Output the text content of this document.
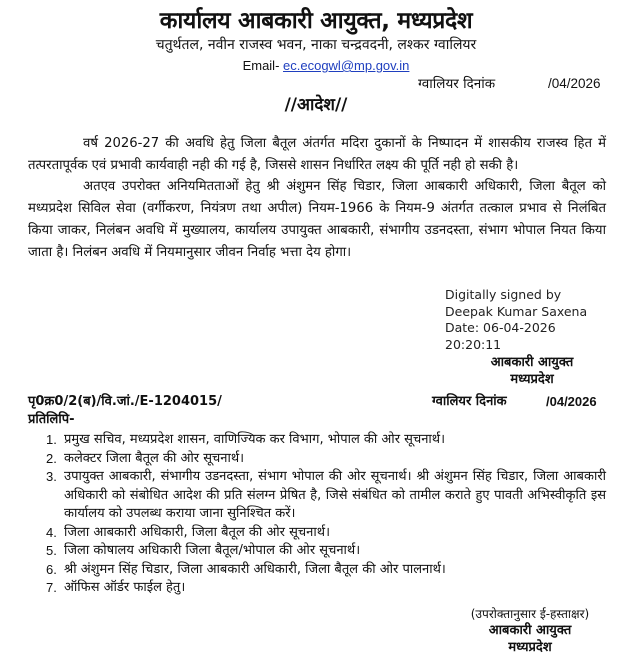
कार्यालय आबकारी आयुक्त, मध्यप्रदेश
चतुर्थतल, नवीन राजस्व भवन, नाका चन्द्रवदनी, लश्कर ग्वालियर
Email- ec.ecogwl@mp.gov.in
ग्वालियर दिनांक	/04/2026
//आदेश//
वर्ष 2026-27 की अवधि हेतु जिला बैतूल अंतर्गत मदिरा दुकानों के निष्पादन में शासकीय राजस्व हित में तत्परतापूर्वक एवं प्रभावी कार्यवाही नही की गई है, जिससे शासन निर्धारित लक्ष्य की पूर्ति नही हो सकी है।
अतएव उपरोक्त अनियमितताओं हेतु श्री अंशुमन सिंह चिडार, जिला आबकारी अधिकारी, जिला बैतूल को मध्यप्रदेश सिविल सेवा (वर्गीकरण, नियंत्रण तथा अपील) नियम-1966 के नियम-9 अंतर्गत तत्काल प्रभाव से निलंबित किया जाकर, निलंबन अवधि में मुख्यालय, कार्यालय उपायुक्त आबकारी, संभागीय उडनदस्ता, संभाग भोपाल नियत किया जाता है। निलंबन अवधि में नियमानुसार जीवन निर्वाह भत्ता देय होगा।
Digitally signed by
Deepak Kumar Saxena
Date: 06-04-2026
20:20:11
आबकारी आयुक्त
मध्यप्रदेश
पृ0क्र0/2(ब)/वि.जां./E-1204015/	ग्वालियर दिनांक	/04/2026
प्रतिलिपि-
1. प्रमुख सचिव, मध्यप्रदेश शासन, वाणिज्यिक कर विभाग, भोपाल की ओर सूचनार्थ।
2. कलेक्टर जिला बैतूल की ओर सूचनार्थ।
3. उपायुक्त आबकारी, संभागीय उडनदस्ता, संभाग भोपाल की ओर सूचनार्थ। श्री अंशुमन सिंह चिडार, जिला आबकारी अधिकारी को संबोधित आदेश की प्रति संलग्न प्रेषित है, जिसे संबंधित को तामील कराते हुए पावती अभिस्वीकृति इस कार्यालय को उपलब्ध कराया जाना सुनिश्चित करें।
4. जिला आबकारी अधिकारी, जिला बैतूल की ओर सूचनार्थ।
5. जिला कोषालय अधिकारी जिला बैतूल/भोपाल की ओर सूचनार्थ।
6. श्री अंशुमन सिंह चिडार, जिला आबकारी अधिकारी, जिला बैतूल की ओर पालनार्थ।
7. ऑफिस ऑर्डर फाईल हेतु।
(उपरोक्तानुसार ई-हस्ताक्षर)
आबकारी आयुक्त
मध्यप्रदेश
